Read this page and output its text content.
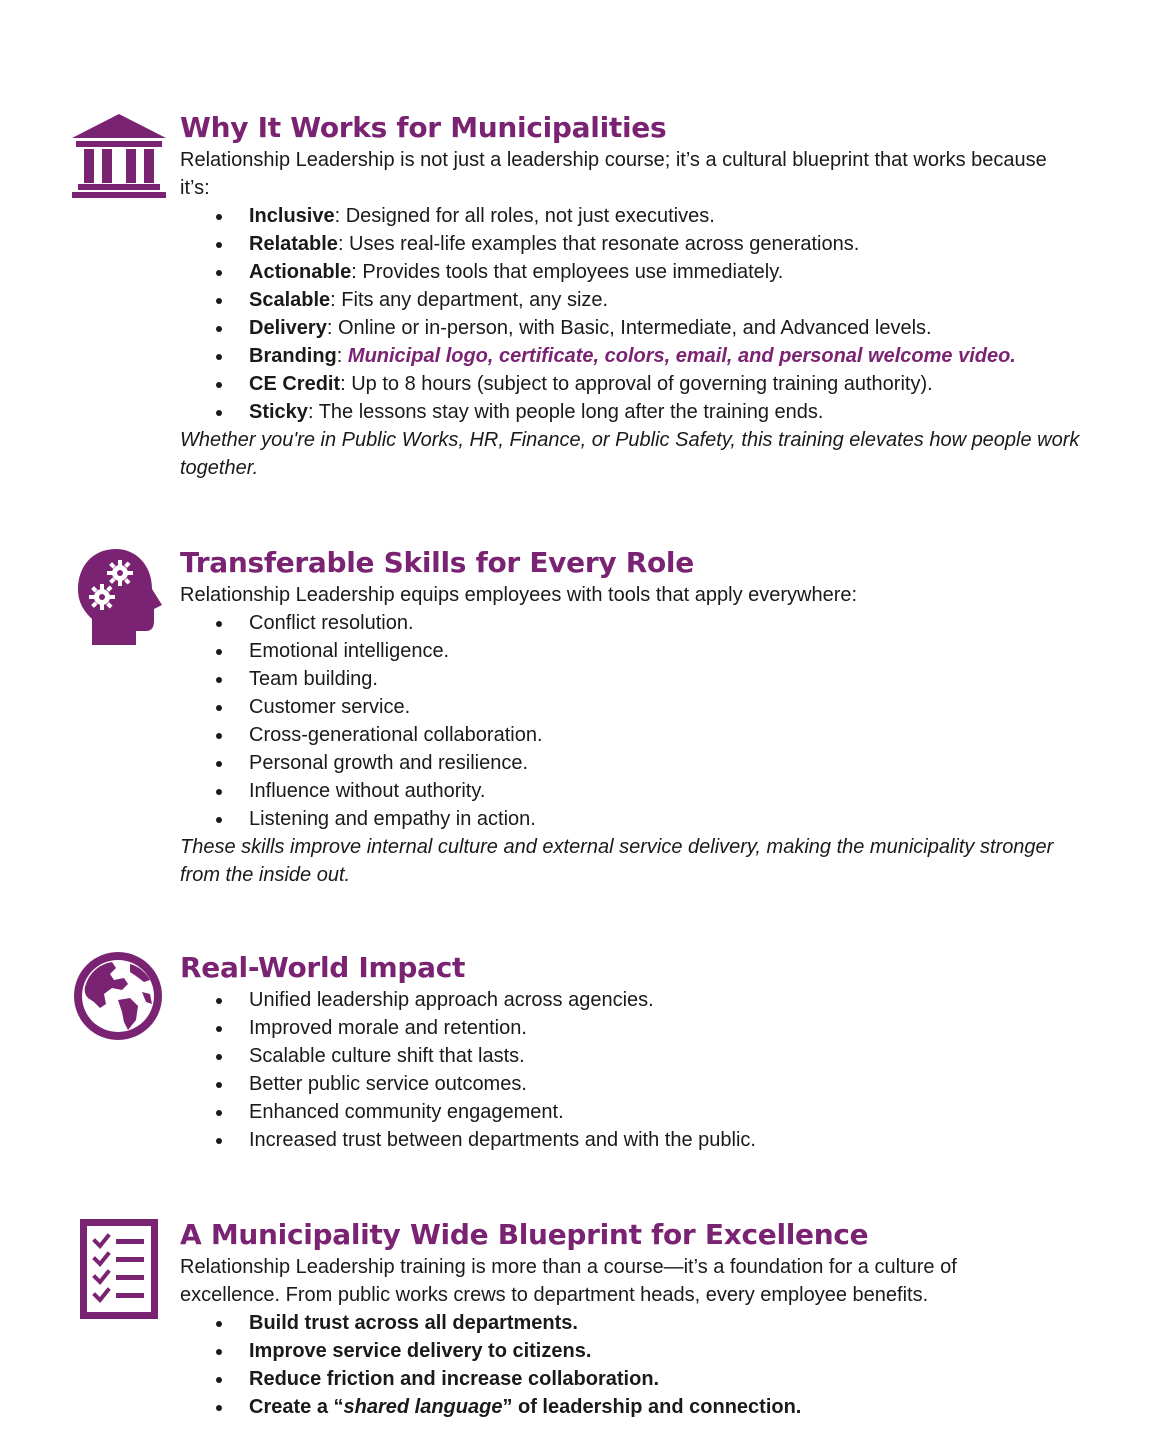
Why It Works for Municipalities

Relationship Leadership is not just a leadership course; it’s a cultural blueprint that works because it’s:

Inclusive: Designed for all roles, not just executives.
Relatable: Uses real-life examples that resonate across generations.
Actionable: Provides tools that employees use immediately.
Scalable: Fits any department, any size.
Delivery: Online or in-person, with Basic, Intermediate, and Advanced levels.
Branding: Municipal logo, certificate, colors, email, and personal welcome video.
CE Credit: Up to 8 hours (subject to approval of governing training authority).
Sticky: The lessons stay with people long after the training ends.

Whether you're in Public Works, HR, Finance, or Public Safety, this training elevates how people work together.

Transferable Skills for Every Role

Relationship Leadership equips employees with tools that apply everywhere:

Conflict resolution.
Emotional intelligence.
Team building.
Customer service.
Cross-generational collaboration.
Personal growth and resilience.
Influence without authority.
Listening and empathy in action.

These skills improve internal culture and external service delivery, making the municipality stronger from the inside out.

Real-World Impact
Unified leadership approach across agencies.
Improved morale and retention.
Scalable culture shift that lasts.
Better public service outcomes.
Enhanced community engagement.
Increased trust between departments and with the public.
A Municipality Wide Blueprint for Excellence

Relationship Leadership training is more than a course—it’s a foundation for a culture of excellence. From public works crews to department heads, every employee benefits.

Build trust across all departments.
Improve service delivery to citizens.
Reduce friction and increase collaboration.
Create a “shared language” of leadership and connection.
